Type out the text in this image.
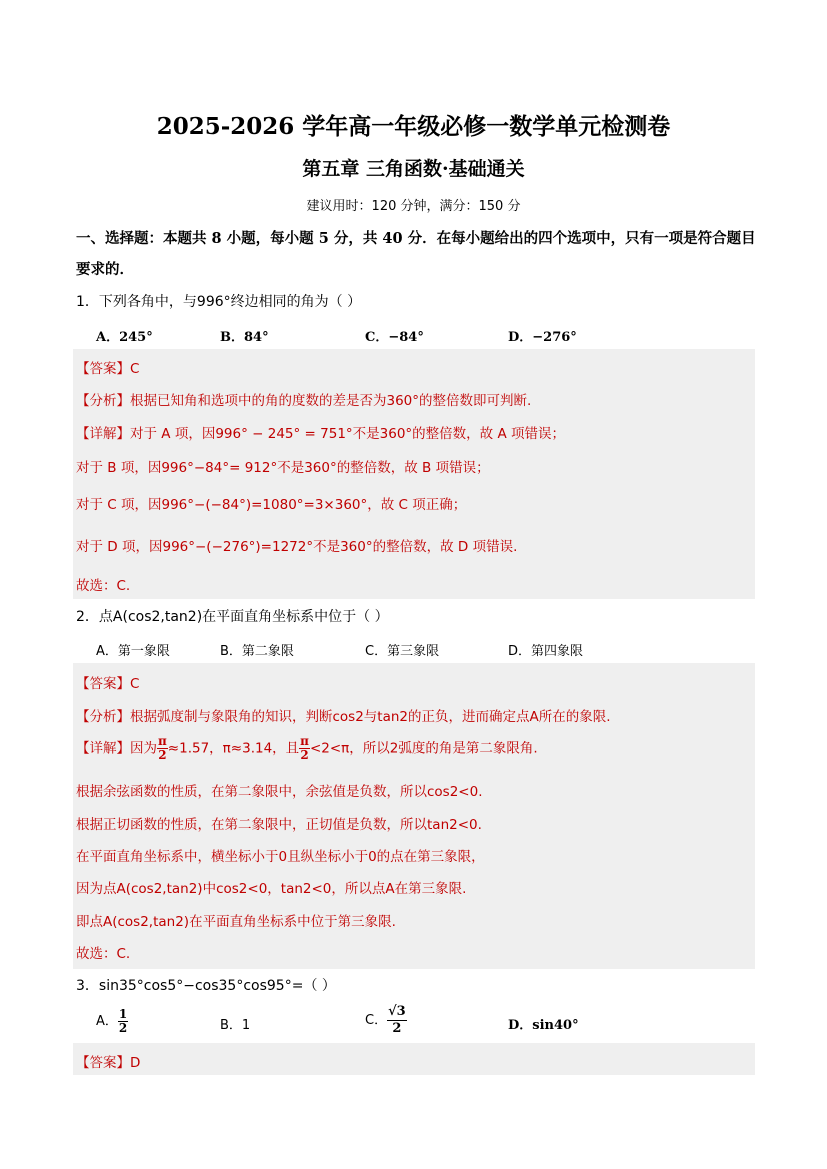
2025-2026 学年高一年级必修一数学单元检测卷
第五章 三角函数·基础通关
建议用时：120 分钟，满分：150 分
一、选择题：本题共 8 小题，每小题 5 分，共 40 分．在每小题给出的四个选项中，只有一项是符合题目要求的．
1．下列各角中，与996°终边相同的角为（ ）
A．245°	B．84°	C．−84°	D．−276°
【答案】C
【分析】根据已知角和选项中的角的度数的差是否为360°的整倍数即可判断.
【详解】对于 A 项，因996° − 245° = 751°不是360°的整倍数，故 A 项错误；
对于 B 项，因996°−84°= 912°不是360°的整倍数，故 B 项错误；
对于 C 项，因996°−(−84°)=1080°=3×360°，故 C 项正确；
对于 D 项，因996°−(−276°)=1272°不是360°的整倍数，故 D 项错误.
故选：C.
2．点A(cos2,tan2)在平面直角坐标系中位于（ ）
A．第一象限	B．第二象限	C．第三象限	D．第四象限
【答案】C
【分析】根据弧度制与象限角的知识，判断cos2与tan2的正负，进而确定点A所在的象限.
【详解】因为 $\frac{\pi}{2} \approx 1.57$，π≈3.14，且 $\frac{\pi}{2} <2<\pi$，所以2弧度的角是第二象限角.
根据余弦函数的性质，在第二象限中，余弦值是负数，所以cos2<0.
根据正切函数的性质，在第二象限中，正切值是负数，所以tan2<0.
在平面直角坐标系中，横坐标小于0且纵坐标小于0的点在第三象限，
因为点A(cos2,tan2)中cos2<0，tan2<0，所以点A在第三象限.
即点A(cos2,tan2)在平面直角坐标系中位于第三象限.
故选：C.
3．sin35°cos5°−cos35°cos95°=（ ）
A． $\frac{1}{2}$	B．1	C． $\frac{√3}{2}$	D．sin40°
【答案】D
